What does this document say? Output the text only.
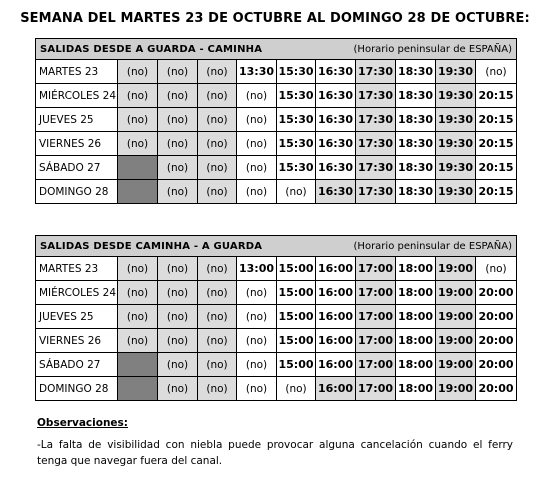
SEMANA DEL MARTES 23 DE OCTUBRE AL DOMINGO 28 DE OCTUBRE:
SALIDAS DESDE A GUARDA - CAMINHA (Horario peninsular de ESPAÑA)										

MARTES 23	(no)	(no)	(no)	13:30	15:30	16:30	17:30	18:30	19:30	(no)
MIÉRCOLES 24	(no)	(no)	(no)	(no)	15:30	16:30	17:30	18:30	19:30	20:15
JUEVES 25	(no)	(no)	(no)	(no)	15:30	16:30	17:30	18:30	19:30	20:15
VIERNES 26	(no)	(no)	(no)	(no)	15:30	16:30	17:30	18:30	19:30	20:15
SÁBADO 27		(no)	(no)	(no)	15:30	16:30	17:30	18:30	19:30	20:15
DOMINGO 28		(no)	(no)	(no)	(no)	16:30	17:30	18:30	19:30	20:15
SALIDAS DESDE CAMINHA - A GUARDA (Horario peninsular de ESPAÑA)										

MARTES 23	(no)	(no)	(no)	13:00	15:00	16:00	17:00	18:00	19:00	(no)
MIÉRCOLES 24	(no)	(no)	(no)	(no)	15:00	16:00	17:00	18:00	19:00	20:00
JUEVES 25	(no)	(no)	(no)	(no)	15:00	16:00	17:00	18:00	19:00	20:00
VIERNES 26	(no)	(no)	(no)	(no)	15:00	16:00	17:00	18:00	19:00	20:00
SÁBADO 27		(no)	(no)	(no)	15:00	16:00	17:00	18:00	19:00	20:00
DOMINGO 28		(no)	(no)	(no)	(no)	16:00	17:00	18:00	19:00	20:00
Observaciones:
-La falta de visibilidad con niebla puede provocar alguna cancelación cuando el ferry tenga que navegar fuera del canal.
